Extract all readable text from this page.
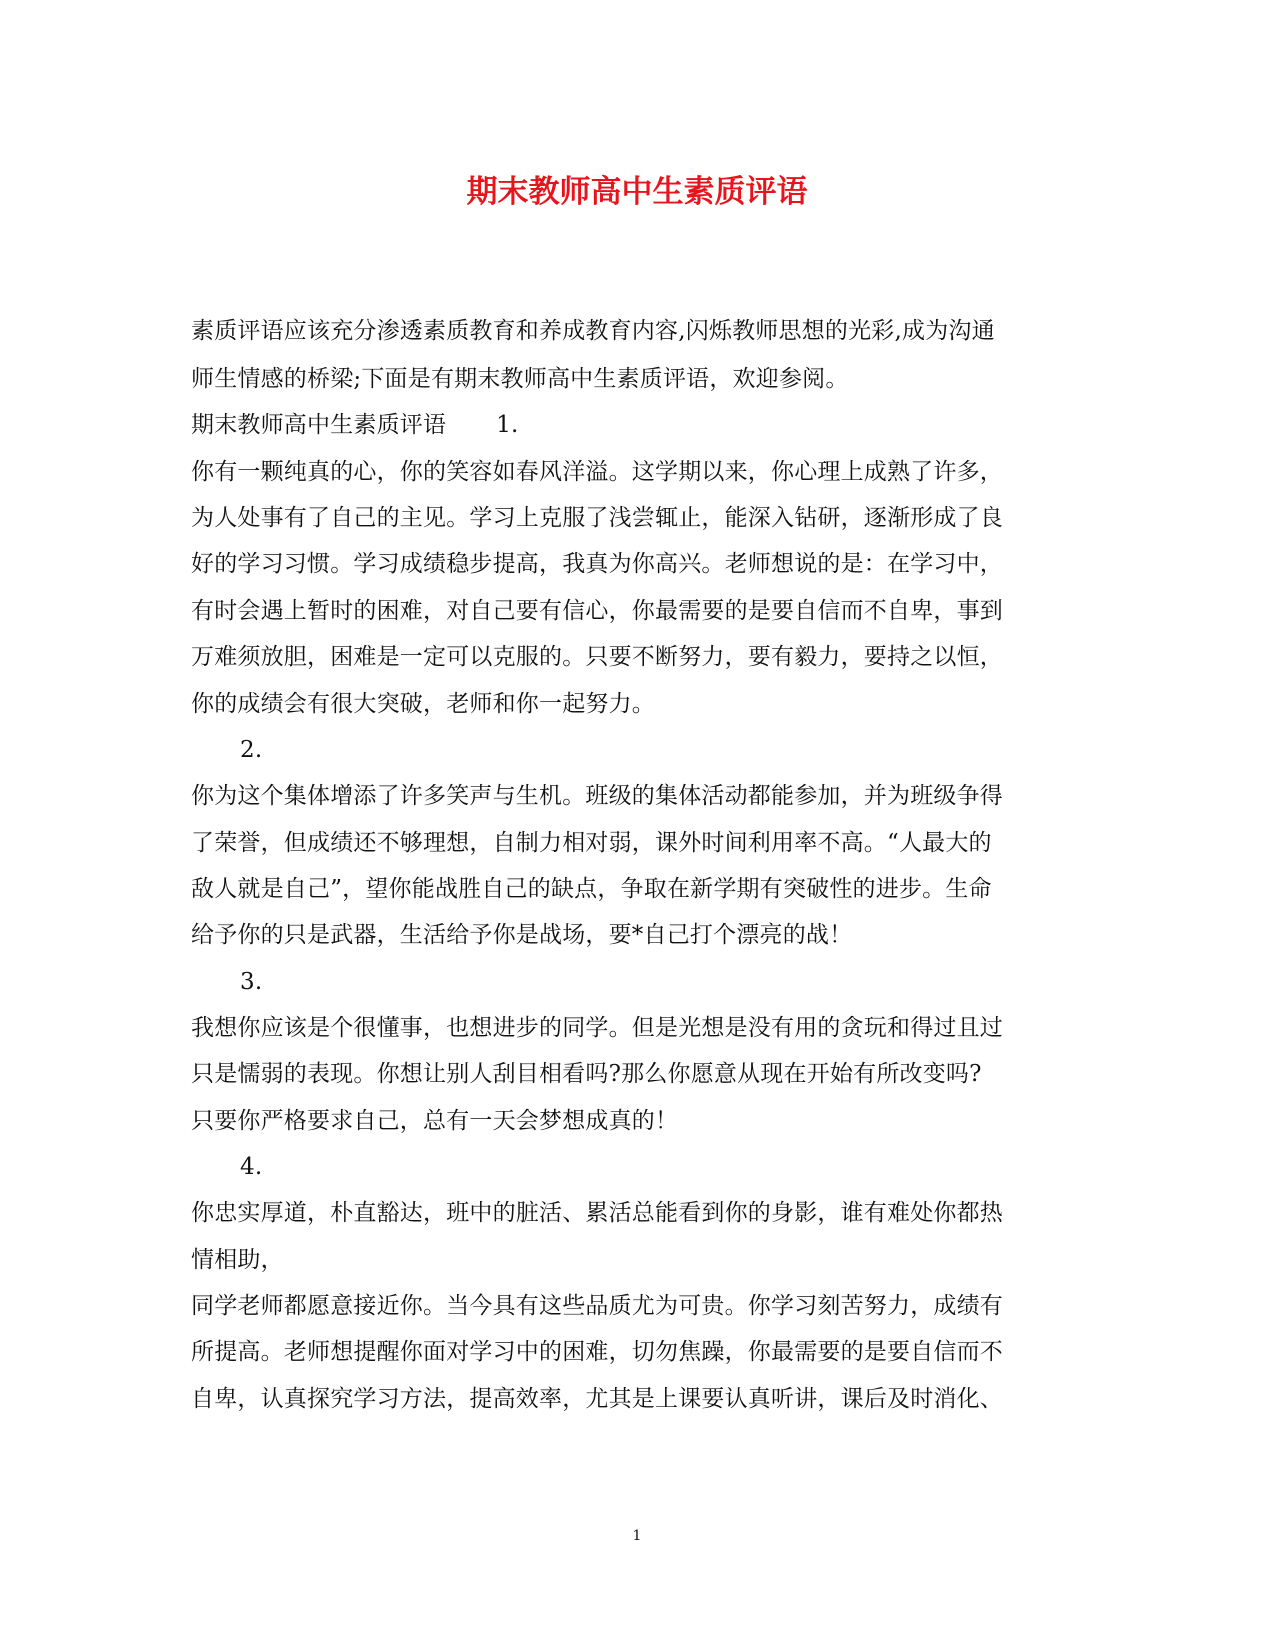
期末教师高中生素质评语
素质评语应该充分渗透素质教育和养成教育内容,闪烁教师思想的光彩,成为沟通
师生情感的桥梁;下面是有期末教师高中生素质评语，欢迎参阅。
期末教师高中生素质评语 1.
你有一颗纯真的心，你的笑容如春风洋溢。这学期以来，你心理上成熟了许多，
为人处事有了自己的主见。学习上克服了浅尝辄止，能深入钻研，逐渐形成了良
好的学习习惯。学习成绩稳步提高，我真为你高兴。老师想说的是：在学习中，
有时会遇上暂时的困难，对自己要有信心，你最需要的是要自信而不自卑，事到
万难须放胆，困难是一定可以克服的。只要不断努力，要有毅力，要持之以恒，
你的成绩会有很大突破，老师和你一起努力。
2.
你为这个集体增添了许多笑声与生机。班级的集体活动都能参加，并为班级争得
了荣誉，但成绩还不够理想，自制力相对弱，课外时间利用率不高。“人最大的
敌人就是自己”，望你能战胜自己的缺点，争取在新学期有突破性的进步。生命
给予你的只是武器，生活给予你是战场，要*自己打个漂亮的战！
3.
我想你应该是个很懂事，也想进步的同学。但是光想是没有用的贪玩和得过且过
只是懦弱的表现。你想让别人刮目相看吗?那么你愿意从现在开始有所改变吗?
只要你严格要求自己，总有一天会梦想成真的！
4.
你忠实厚道，朴直豁达，班中的脏活、累活总能看到你的身影，谁有难处你都热
情相助，
同学老师都愿意接近你。当今具有这些品质尤为可贵。你学习刻苦努力，成绩有
所提高。老师想提醒你面对学习中的困难，切勿焦躁，你最需要的是要自信而不
自卑，认真探究学习方法，提高效率，尤其是上课要认真听讲，课后及时消化、
1
